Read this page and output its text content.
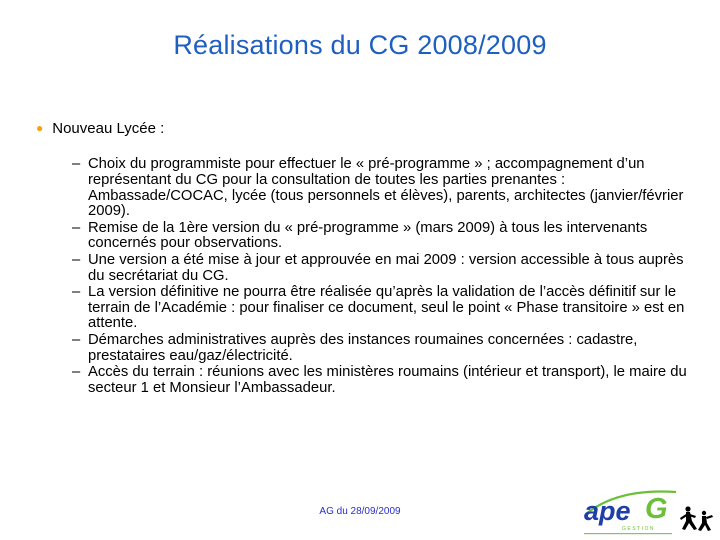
Réalisations du CG 2008/2009
● Nouveau Lycée :
– Choix du programmiste pour effectuer le « pré-programme » ; accompagnement d’un représentant du CG pour la consultation de toutes les parties prenantes : Ambassade/COCAC, lycée (tous personnels et élèves), parents, architectes (janvier/février 2009).
– Remise de la 1ère version du « pré-programme » (mars 2009) à tous les intervenants concernés pour observations.
– Une version a été mise à jour et approuvée en mai 2009 : version accessible à tous auprès du secrétariat du CG.
– La version définitive ne pourra être réalisée qu’après la validation de l’accès définitif sur le terrain de l’Académie : pour finaliser ce document, seul le point « Phase transitoire » est en attente.
– Démarches administratives auprès des instances roumaines concernées : cadastre, prestataires eau/gaz/électricité.
– Accès du terrain : réunions avec les ministères roumains (intérieur et transport), le maire du secteur 1 et Monsieur l’Ambassadeur.
AG du 28/09/2009	ape G
GESTION
